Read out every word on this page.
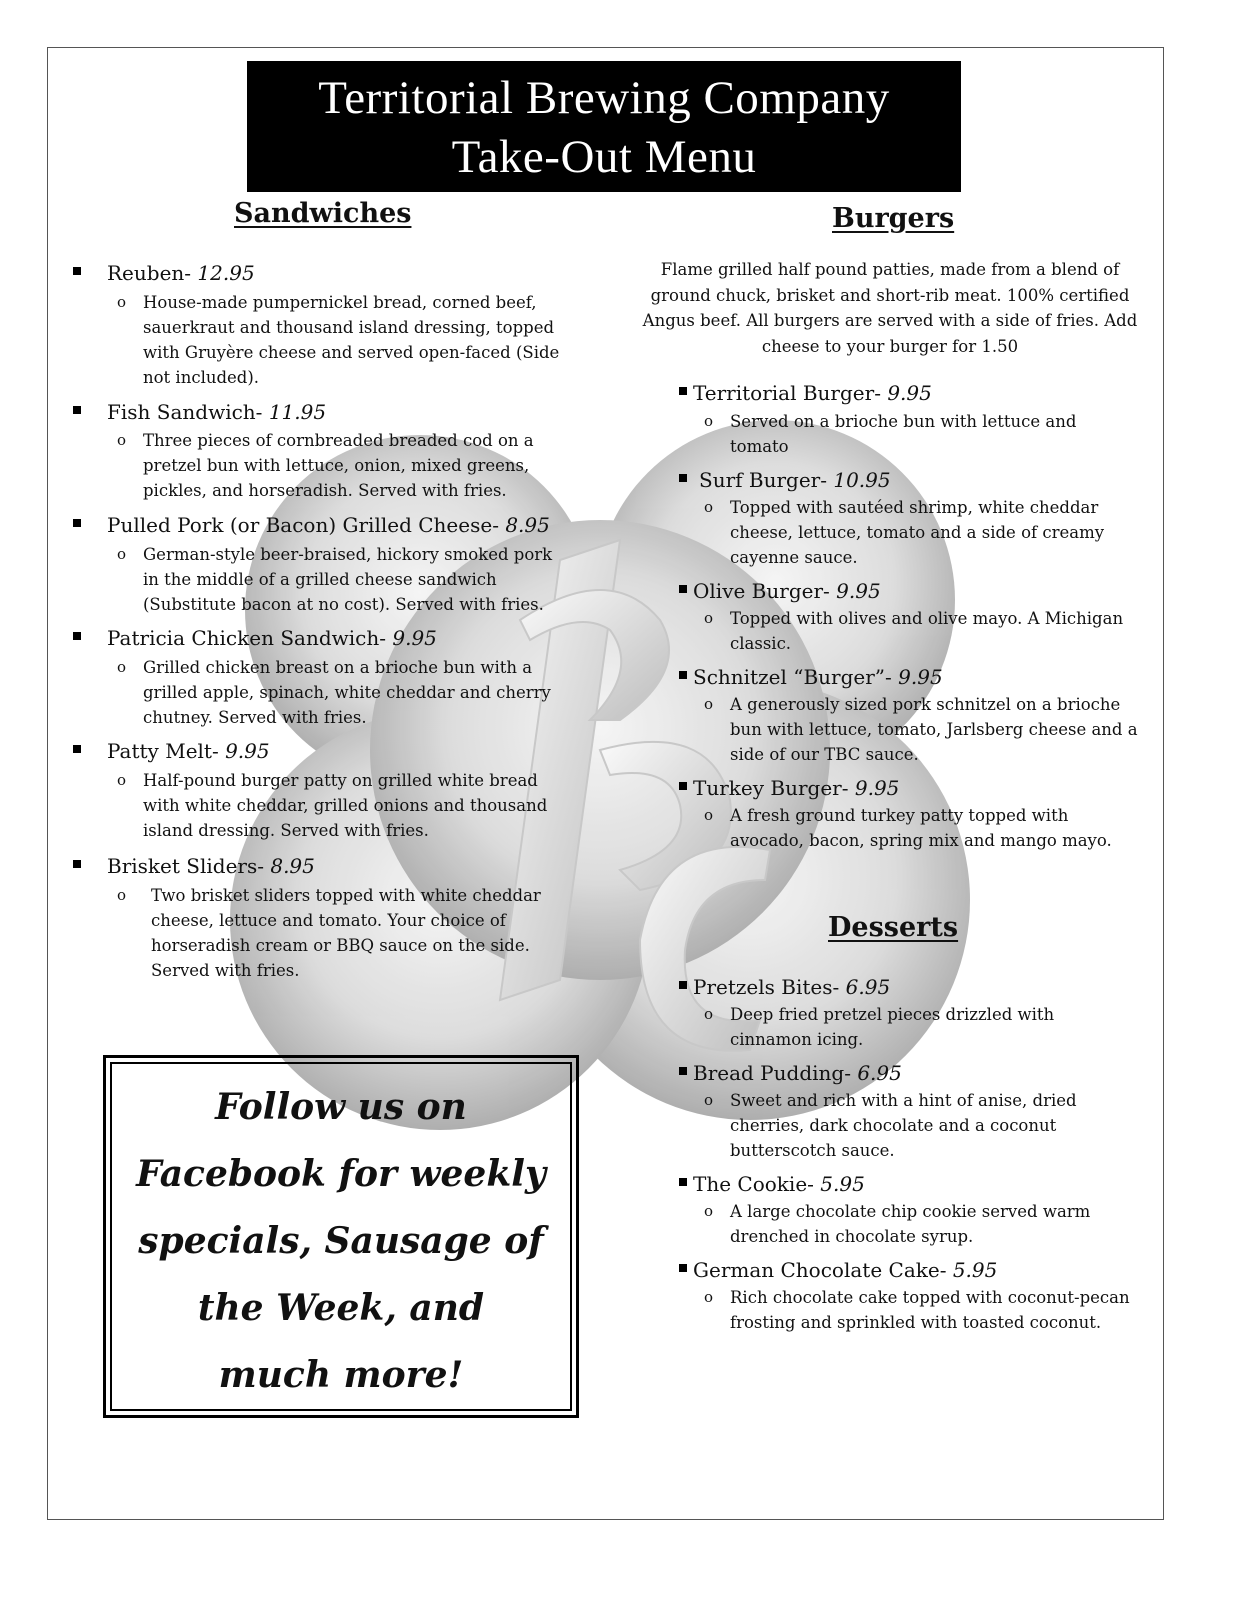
Territorial Brewing Company
Take-Out Menu
Sandwiches
Reuben- 12.95
o House-made pumpernickel bread, corned beef, sauerkraut and thousand island dressing, topped with Gruyère cheese and served open-faced (Side not included).
Fish Sandwich- 11.95
o Three pieces of cornbreaded breaded cod on a pretzel bun with lettuce, onion, mixed greens, pickles, and horseradish. Served with fries.
Pulled Pork (or Bacon) Grilled Cheese- 8.95
o German-style beer-braised, hickory smoked pork in the middle of a grilled cheese sandwich (Substitute bacon at no cost). Served with fries.
Patricia Chicken Sandwich- 9.95
o Grilled chicken breast on a brioche bun with a grilled apple, spinach, white cheddar and cherry chutney. Served with fries.
Patty Melt- 9.95
o Half-pound burger patty on grilled white bread with white cheddar, grilled onions and thousand island dressing. Served with fries.
Brisket Sliders- 8.95
o Two brisket sliders topped with white cheddar cheese, lettuce and tomato. Your choice of horseradish cream or BBQ sauce on the side. Served with fries.
Burgers
Flame grilled half pound patties, made from a blend of ground chuck, brisket and short-rib meat. 100% certified Angus beef. All burgers are served with a side of fries. Add cheese to your burger for 1.50
Territorial Burger- 9.95
o Served on a brioche bun with lettuce and tomato
Surf Burger- 10.95
o Topped with sautéed shrimp, white cheddar cheese, lettuce, tomato and a side of creamy cayenne sauce.
Olive Burger- 9.95
o Topped with olives and olive mayo. A Michigan classic.
Schnitzel “Burger”- 9.95
o A generously sized pork schnitzel on a brioche bun with lettuce, tomato, Jarlsberg cheese and a side of our TBC sauce.
Turkey Burger- 9.95
o A fresh ground turkey patty topped with avocado, bacon, spring mix and mango mayo.
Desserts
Pretzels Bites- 6.95
o Deep fried pretzel pieces drizzled with cinnamon icing.
Bread Pudding- 6.95
o Sweet and rich with a hint of anise, dried cherries, dark chocolate and a coconut butterscotch sauce.
The Cookie- 5.95
o A large chocolate chip cookie served warm drenched in chocolate syrup.
German Chocolate Cake- 5.95
o Rich chocolate cake topped with coconut-pecan frosting and sprinkled with toasted coconut.
Follow us on
Facebook for weekly
specials, Sausage of
the Week, and
much more!
